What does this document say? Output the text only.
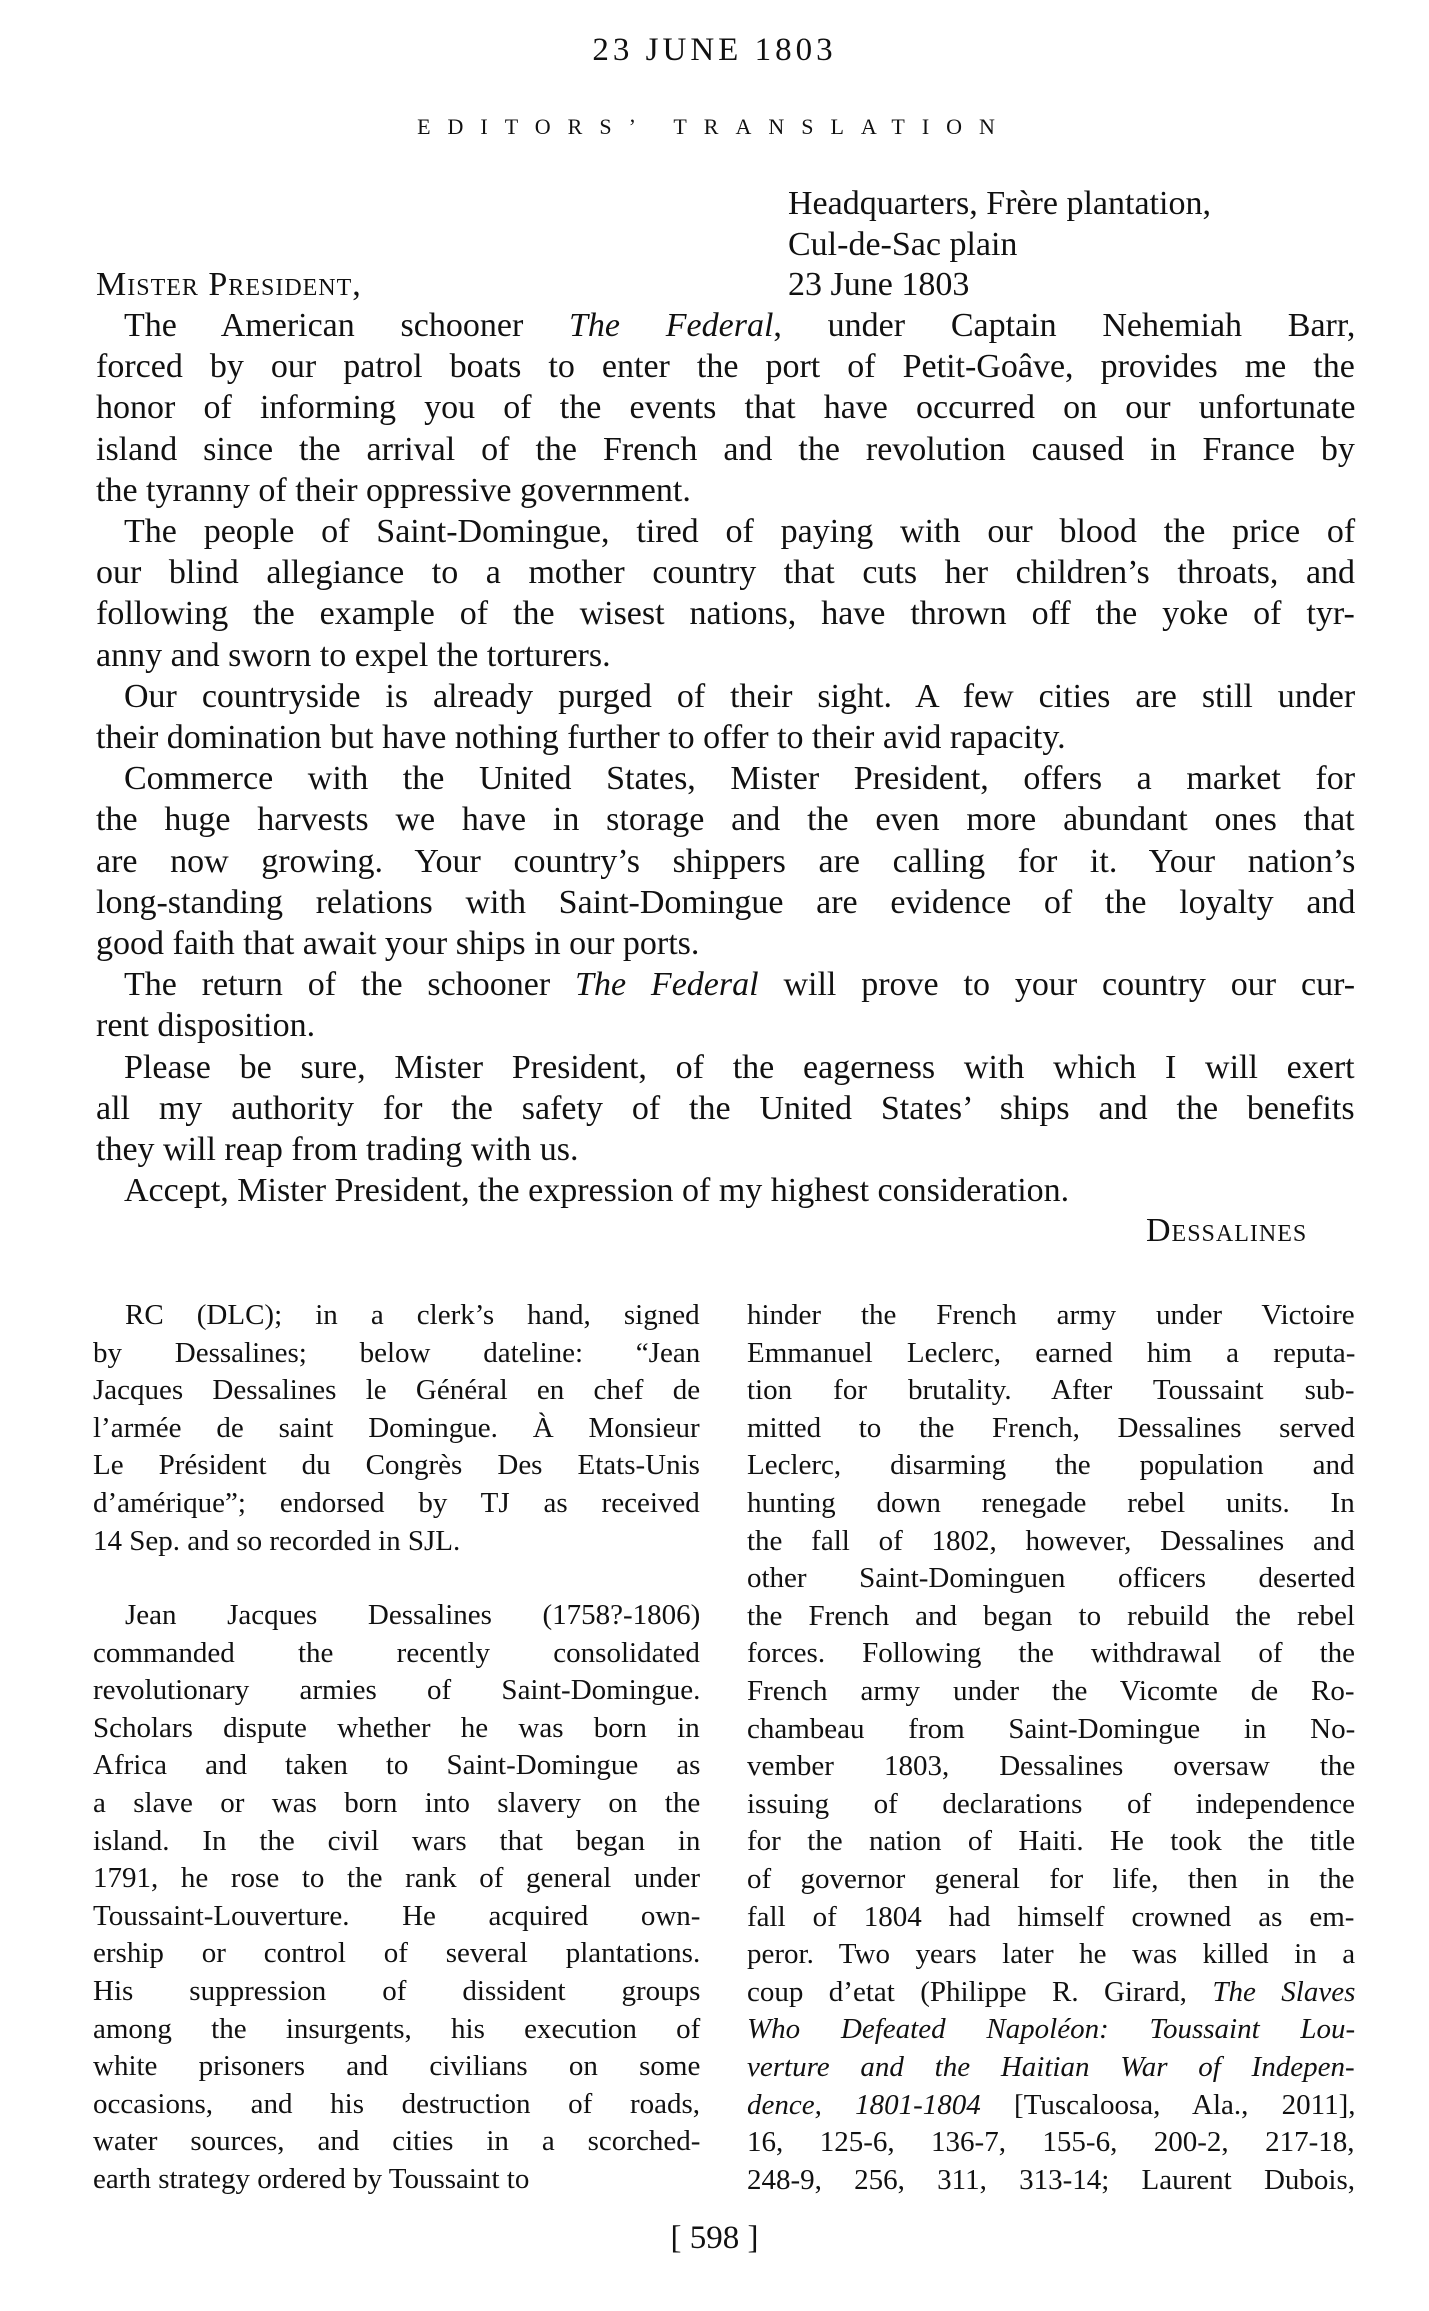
23 JUNE 1803
EDITORS’ TRANSLATION
Headquarters, Frère plantation,
Cul-de-Sac plain
23 June 1803
Mister President,
The American schooner The Federal, under Captain Nehemiah Barr,
forced by our patrol boats to enter the port of Petit-Goâve, provides me the
honor of informing you of the events that have occurred on our unfortunate
island since the arrival of the French and the revolution caused in France by
the tyranny of their oppressive government.
The people of Saint-Domingue, tired of paying with our blood the price of
our blind allegiance to a mother country that cuts her children’s throats, and
following the example of the wisest nations, have thrown off the yoke of tyr-
anny and sworn to expel the torturers.
Our countryside is already purged of their sight. A few cities are still under
their domination but have nothing further to offer to their avid rapacity.
Commerce with the United States, Mister President, offers a market for
the huge harvests we have in storage and the even more abundant ones that
are now growing. Your country’s shippers are calling for it. Your nation’s
long-standing relations with Saint-Domingue are evidence of the loyalty and
good faith that await your ships in our ports.
The return of the schooner The Federal will prove to your country our cur-
rent disposition.
Please be sure, Mister President, of the eagerness with which I will exert
all my authority for the safety of the United States’ ships and the benefits
they will reap from trading with us.
Accept, Mister President, the expression of my highest consideration.
Dessalines
RC (DLC); in a clerk’s hand, signed
by Dessalines; below dateline: “Jean
Jacques Dessalines le Général en chef de
l’armée de saint Domingue. À Monsieur
Le Président du Congrès Des Etats-Unis
d’amérique”; endorsed by TJ as received
14 Sep. and so recorded in SJL.
Jean Jacques Dessalines (1758?-1806)
commanded the recently consolidated
revolutionary armies of Saint-Domingue.
Scholars dispute whether he was born in
Africa and taken to Saint-Domingue as
a slave or was born into slavery on the
island. In the civil wars that began in
1791, he rose to the rank of general under
Toussaint-Louverture. He acquired own-
ership or control of several plantations.
His suppression of dissident groups
among the insurgents, his execution of
white prisoners and civilians on some
occasions, and his destruction of roads,
water sources, and cities in a scorched-
earth strategy ordered by Toussaint to
hinder the French army under Victoire
Emmanuel Leclerc, earned him a reputa-
tion for brutality. After Toussaint sub-
mitted to the French, Dessalines served
Leclerc, disarming the population and
hunting down renegade rebel units. In
the fall of 1802, however, Dessalines and
other Saint-Dominguen officers deserted
the French and began to rebuild the rebel
forces. Following the withdrawal of the
French army under the Vicomte de Ro-
chambeau from Saint-Domingue in No-
vember 1803, Dessalines oversaw the
issuing of declarations of independence
for the nation of Haiti. He took the title
of governor general for life, then in the
fall of 1804 had himself crowned as em-
peror. Two years later he was killed in a
coup d’etat (Philippe R. Girard, The Slaves
Who Defeated Napoléon: Toussaint Lou-
verture and the Haitian War of Indepen-
dence, 1801-1804 [Tuscaloosa, Ala., 2011],
16, 125-6, 136-7, 155-6, 200-2, 217-18,
248-9, 256, 311, 313-14; Laurent Dubois,
[ 598 ]
